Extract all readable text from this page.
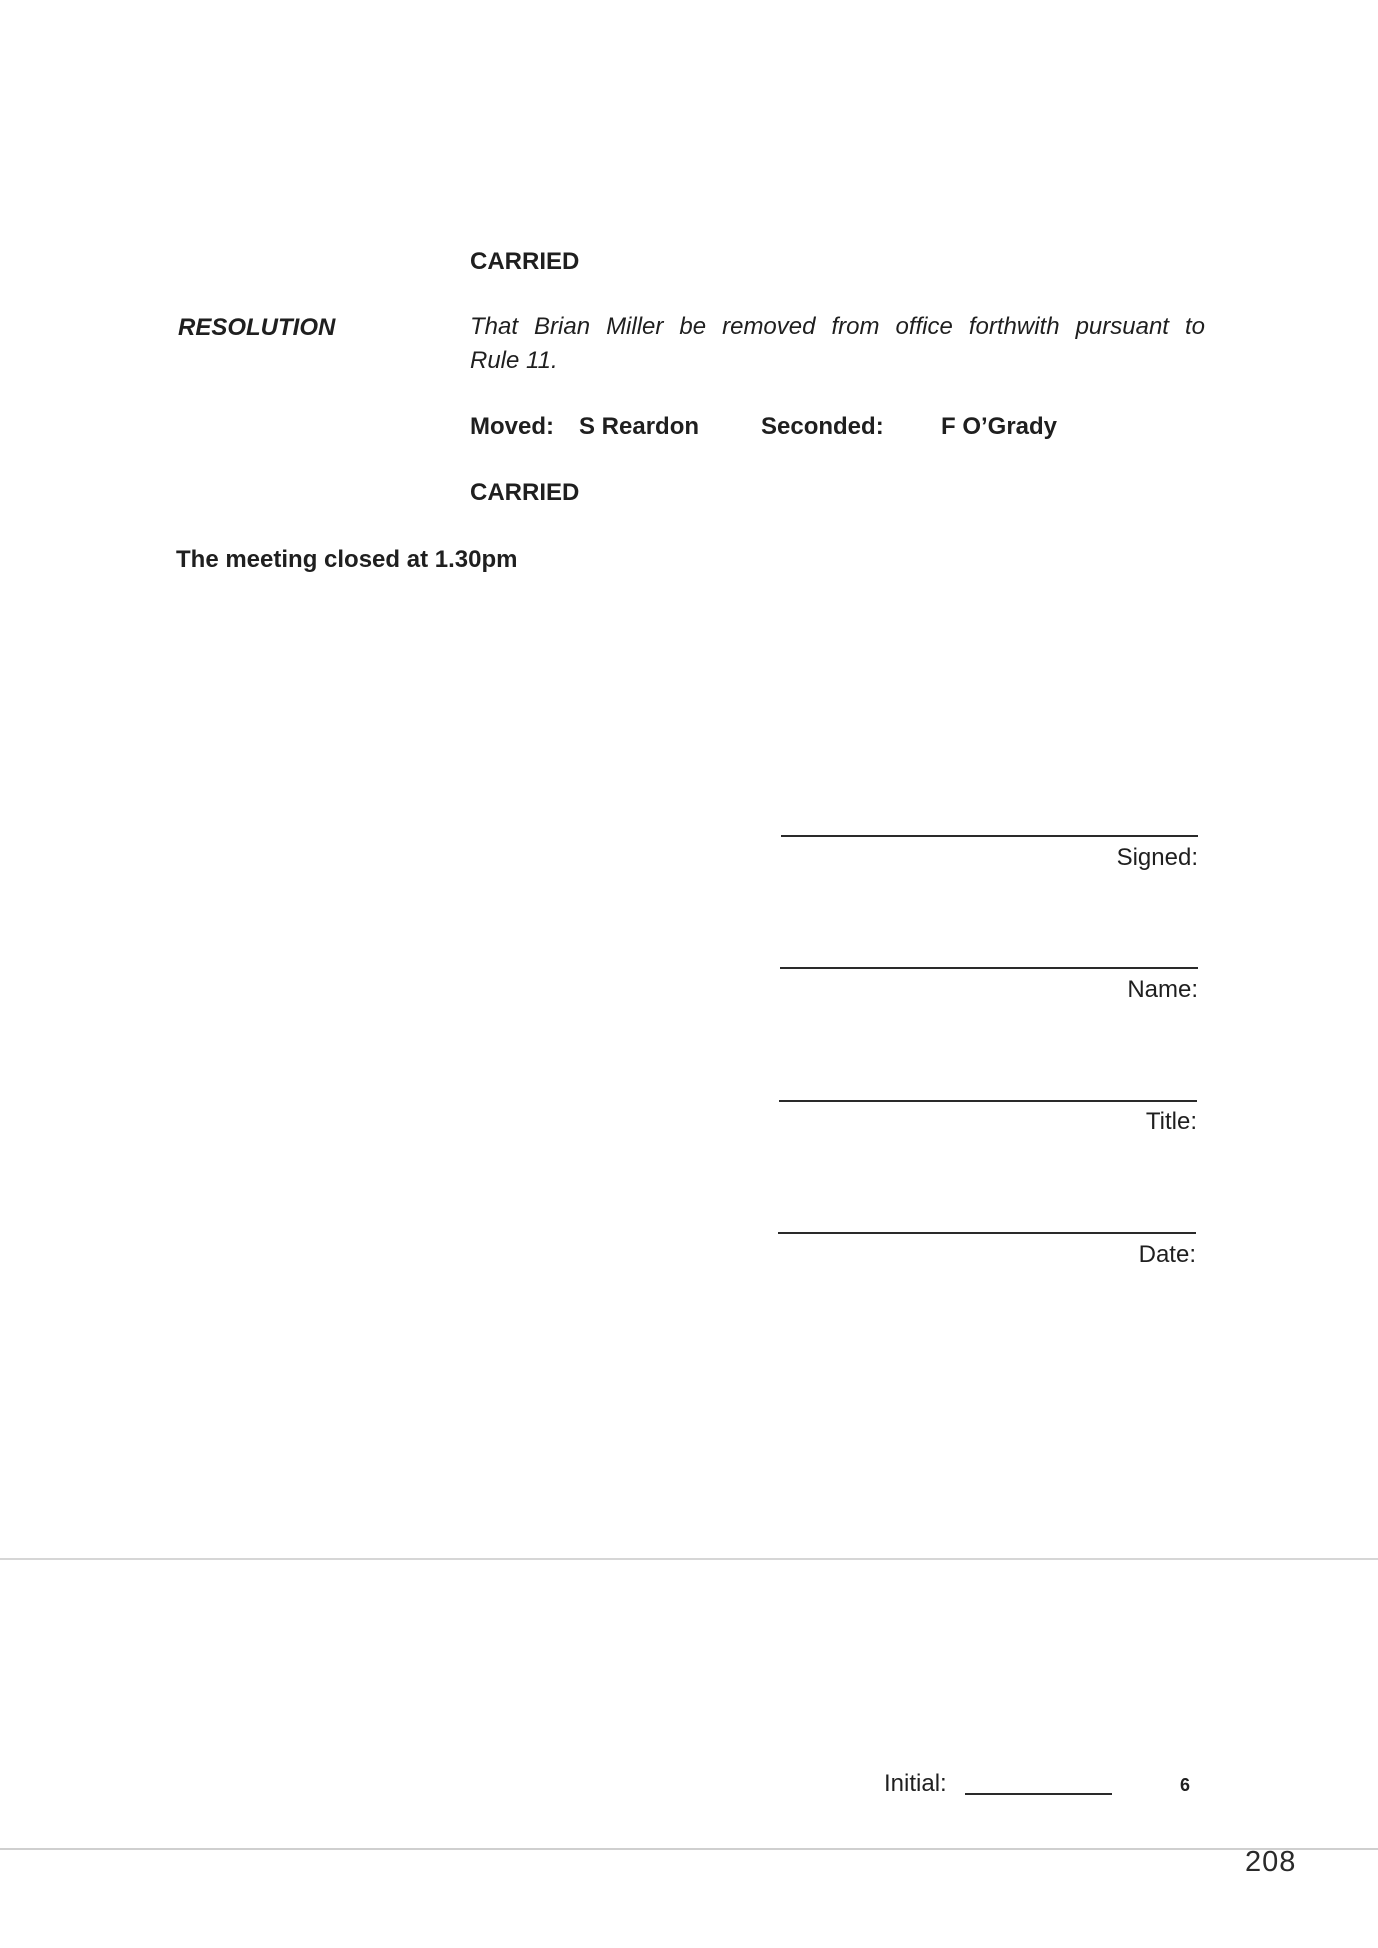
CARRIED
RESOLUTION	That Brian Miller be removed from office forthwith pursuant to
Rule 11.
Moved: S Reardon	Seconded: F O’Grady
CARRIED
The meeting closed at 1.30pm
Signed:
Name:
Title:
Date:
Initial:	6
208
